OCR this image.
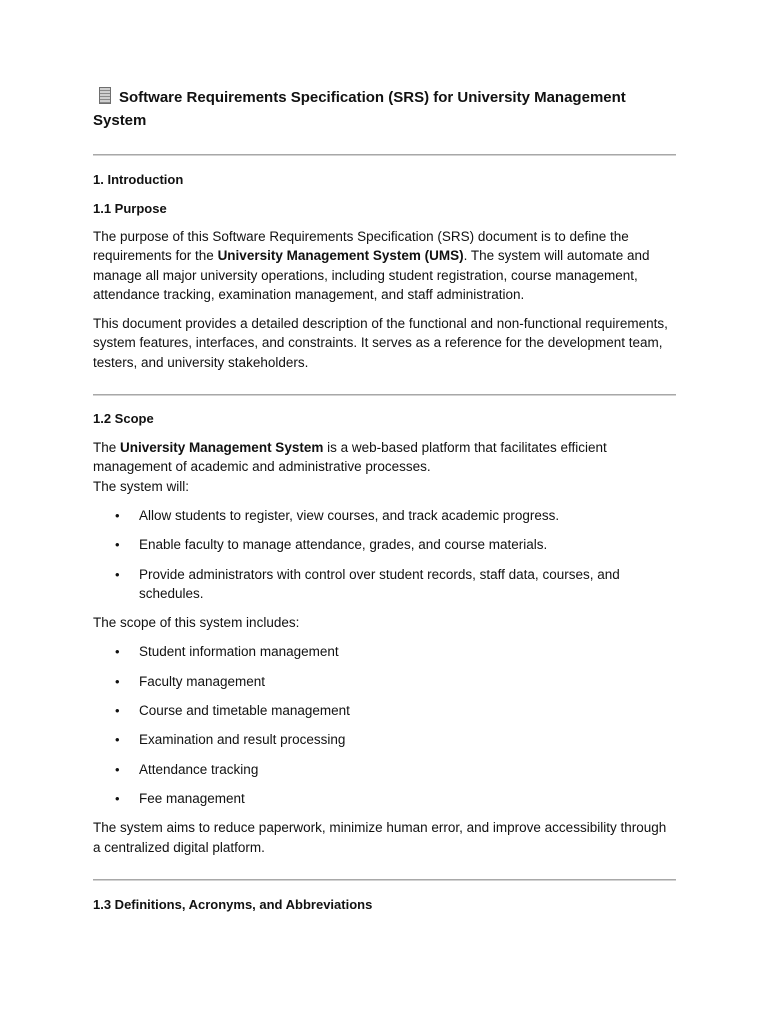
Software Requirements Specification (SRS) for University Management System
1. Introduction
1.1 Purpose

The purpose of this Software Requirements Specification (SRS) document is to define the requirements for the University Management System (UMS). The system will automate and manage all major university operations, including student registration, course management, attendance tracking, examination management, and staff administration.

This document provides a detailed description of the functional and non-functional requirements, system features, interfaces, and constraints. It serves as a reference for the development team, testers, and university stakeholders.

1.2 Scope

The University Management System is a web-based platform that facilitates efficient management of academic and administrative processes.
The system will:

• Allow students to register, view courses, and track academic progress.
• Enable faculty to manage attendance, grades, and course materials.
• Provide administrators with control over student records, staff data, courses, and schedules.

The scope of this system includes:

• Student information management
• Faculty management
• Course and timetable management
• Examination and result processing
• Attendance tracking
• Fee management

The system aims to reduce paperwork, minimize human error, and improve accessibility through a centralized digital platform.

1.3 Definitions, Acronyms, and Abbreviations
